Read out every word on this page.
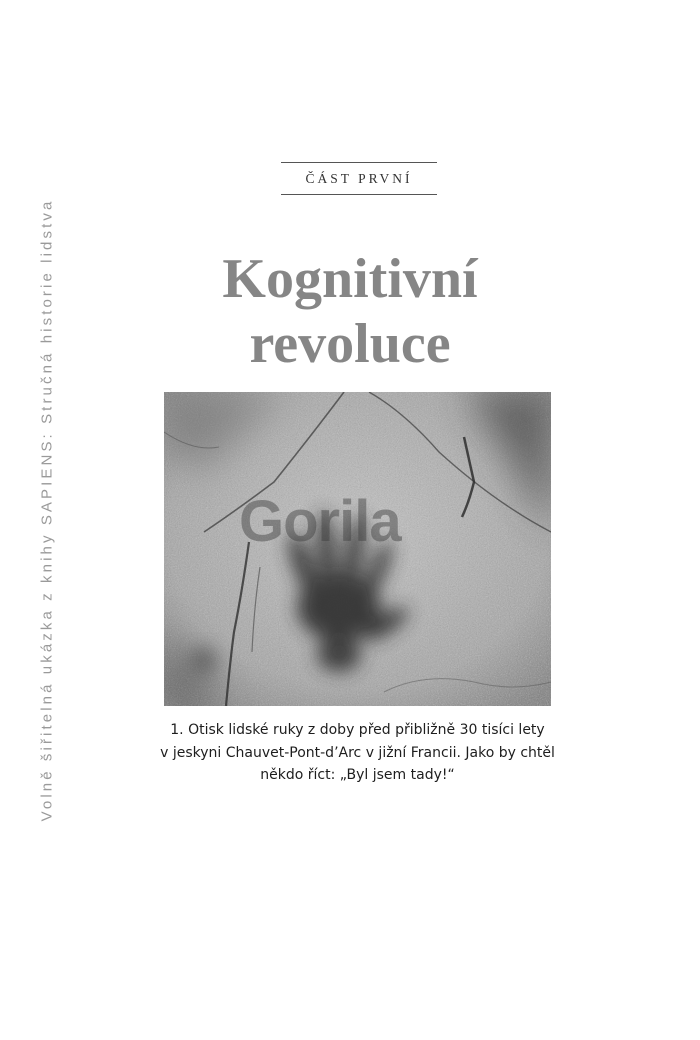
Volně šiřitelná ukázka z knihy SAPIENS: Stručná historie lidstva
ČÁST PRVNÍ
Kognitivní
revoluce
Gorila
1. Otisk lidské ruky z doby před přibližně 30 tisíci lety
v jeskyni Chauvet-Pont-d’Arc v jižní Francii. Jako by chtěl
někdo říct: „Byl jsem tady!“
